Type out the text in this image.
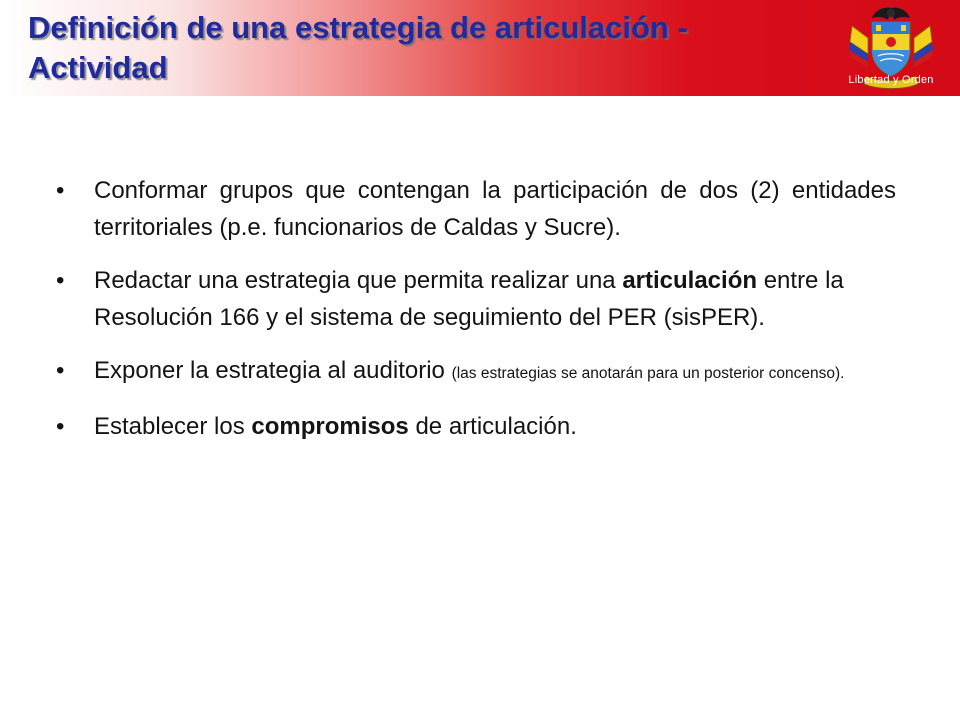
Definición de una estrategia de articulación -
Actividad	Libertad y Orden
• Conformar grupos que contengan la participación de dos (2) entidades territoriales (p.e. funcionarios de Caldas y Sucre).
• Redactar una estrategia que permita realizar una articulación entre la Resolución 166 y el sistema de seguimiento del PER (sisPER).
• Exponer la estrategia al auditorio (las estrategias se anotarán para un posterior concenso).
• Establecer los compromisos de articulación.
